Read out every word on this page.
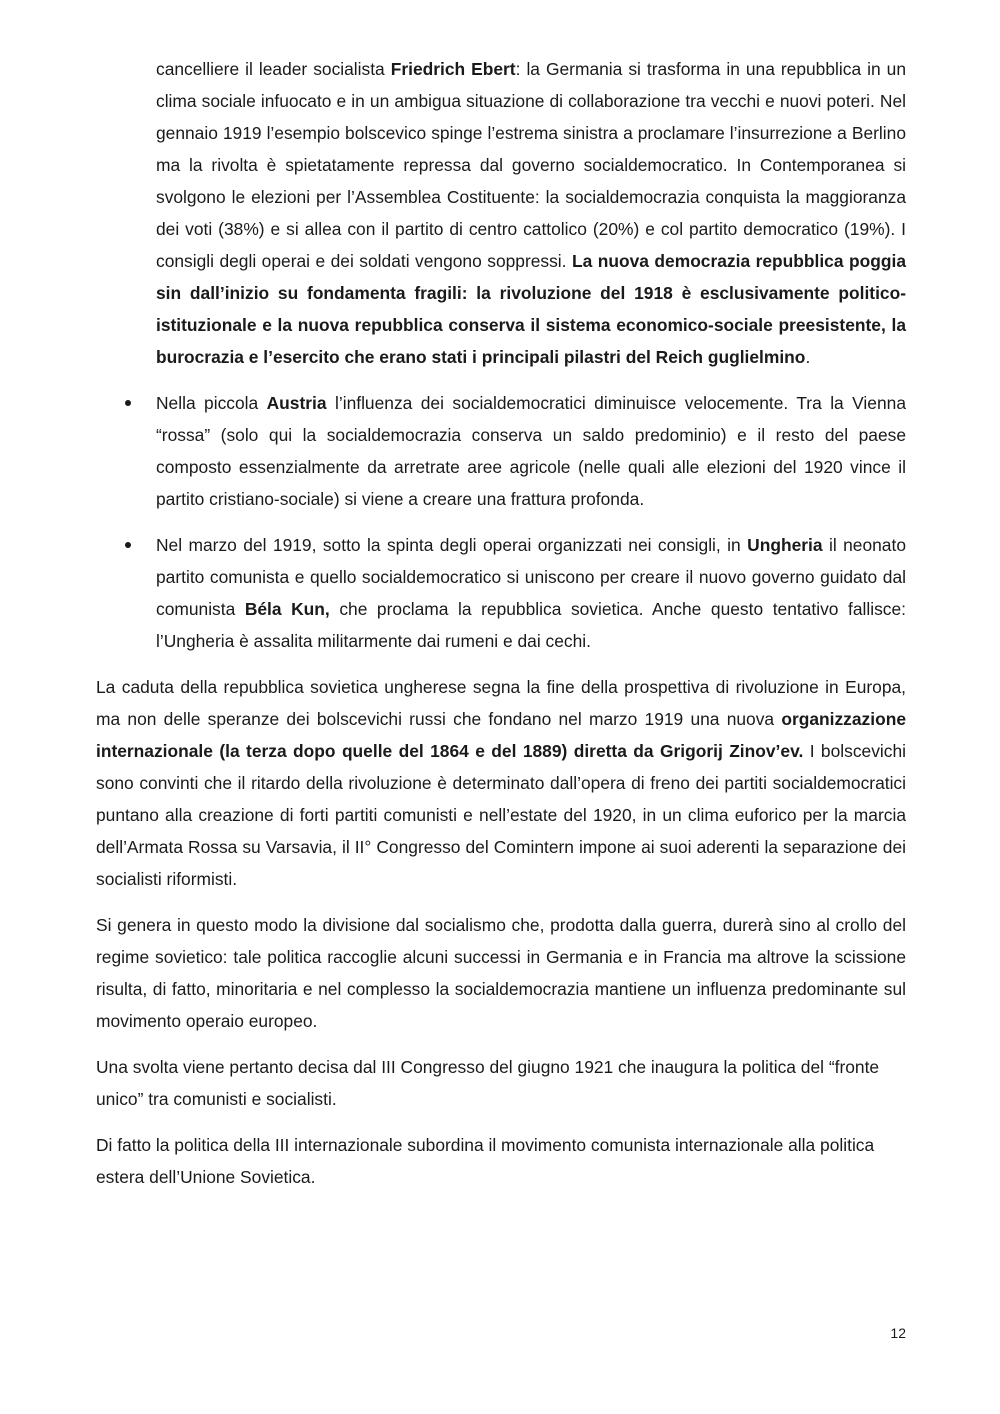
cancelliere il leader socialista Friedrich Ebert: la Germania si trasforma in una repubblica in un clima sociale infuocato e in un ambigua situazione di collaborazione tra vecchi e nuovi poteri. Nel gennaio 1919 l’esempio bolscevico spinge l’estrema sinistra a proclamare l’insurrezione a Berlino ma la rivolta è spietatamente repressa dal governo socialdemocratico. In Contemporanea si svolgono le elezioni per l’Assemblea Costituente: la socialdemocrazia conquista la maggioranza dei voti (38%) e si allea con il partito di centro cattolico (20%) e col partito democratico (19%). I consigli degli operai e dei soldati vengono soppressi. La nuova democrazia repubblica poggia sin dall’inizio su fondamenta fragili: la rivoluzione del 1918 è esclusivamente politico-istituzionale e la nuova repubblica conserva il sistema economico-sociale preesistente, la burocrazia e l’esercito che erano stati i principali pilastri del Reich guglielmino.

Nella piccola Austria l’influenza dei socialdemocratici diminuisce velocemente. Tra la Vienna “rossa” (solo qui la socialdemocrazia conserva un saldo predominio) e il resto del paese composto essenzialmente da arretrate aree agricole (nelle quali alle elezioni del 1920 vince il partito cristiano-sociale) si viene a creare una frattura profonda.

Nel marzo del 1919, sotto la spinta degli operai organizzati nei consigli, in Ungheria il neonato partito comunista e quello socialdemocratico si uniscono per creare il nuovo governo guidato dal comunista Béla Kun, che proclama la repubblica sovietica. Anche questo tentativo fallisce: l’Ungheria è assalita militarmente dai rumeni e dai cechi.

La caduta della repubblica sovietica ungherese segna la fine della prospettiva di rivoluzione in Europa, ma non delle speranze dei bolscevichi russi che fondano nel marzo 1919 una nuova organizzazione internazionale (la terza dopo quelle del 1864 e del 1889) diretta da Grigorij Zinov’ev. I bolscevichi sono convinti che il ritardo della rivoluzione è determinato dall’opera di freno dei partiti socialdemocratici puntano alla creazione di forti partiti comunisti e nell’estate del 1920, in un clima euforico per la marcia dell’Armata Rossa su Varsavia, il II° Congresso del Comintern impone ai suoi aderenti la separazione dei socialisti riformisti.

Si genera in questo modo la divisione dal socialismo che, prodotta dalla guerra, durerà sino al crollo del regime sovietico: tale politica raccoglie alcuni successi in Germania e in Francia ma altrove la scissione risulta, di fatto, minoritaria e nel complesso la socialdemocrazia mantiene un influenza predominante sul movimento operaio europeo.

Una svolta viene pertanto decisa dal III Congresso del giugno 1921 che inaugura la politica del “fronte unico” tra comunisti e socialisti.

Di fatto la politica della III internazionale subordina il movimento comunista internazionale alla politica estera dell’Unione Sovietica.

12
